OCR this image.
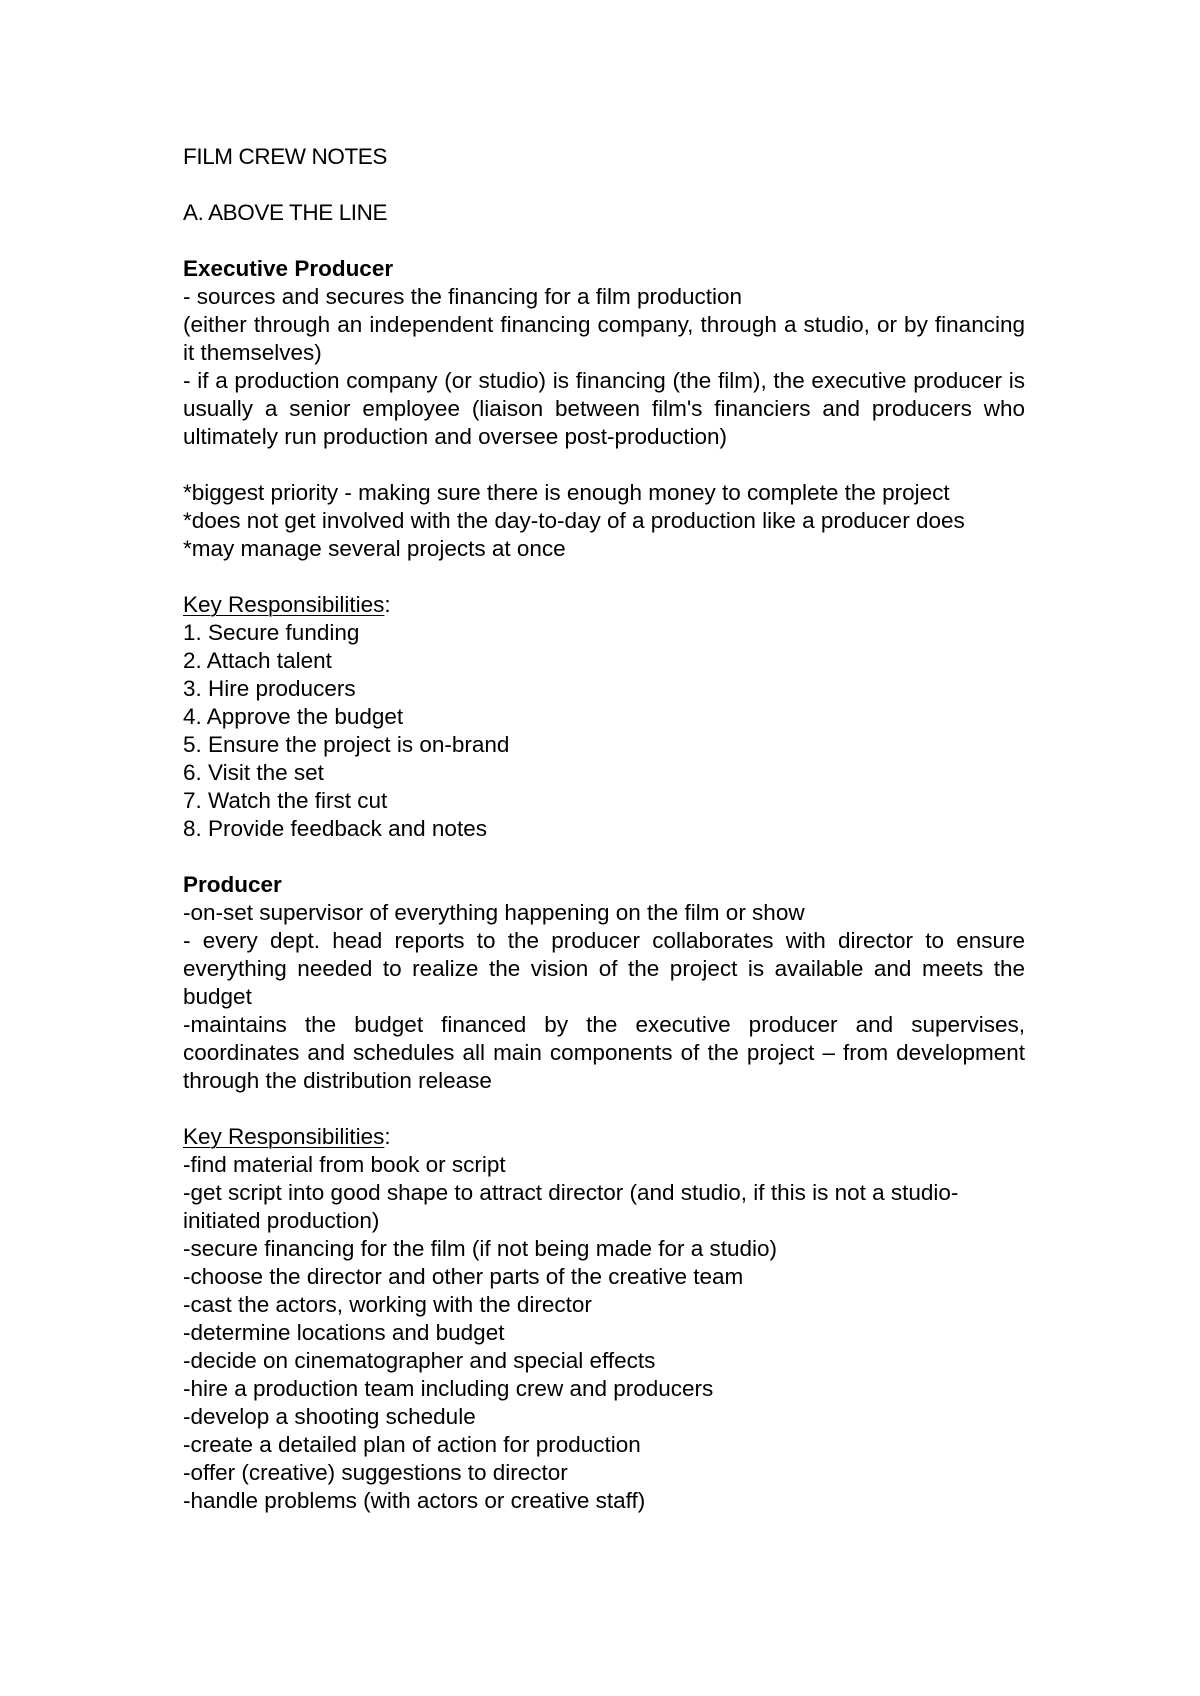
FILM CREW NOTES

A. ABOVE THE LINE

Executive Producer

- sources and secures the financing for a film production

(either through an independent financing company, through a studio, or by financing it themselves)

- if a production company (or studio) is financing (the film), the executive producer is usually a senior employee (liaison between film's financiers and producers who ultimately run production and oversee post-production)

*biggest priority - making sure there is enough money to complete the project

*does not get involved with the day-to-day of a production like a producer does

*may manage several projects at once

Key Responsibilities:

1. Secure funding
2. Attach talent
3. Hire producers
4. Approve the budget
5. Ensure the project is on-brand
6. Visit the set
7. Watch the first cut
8. Provide feedback and notes

Producer

-on-set supervisor of everything happening on the film or show

- every dept. head reports to the producer collaborates with director to ensure everything needed to realize the vision of the project is available and meets the budget

-maintains the budget financed by the executive producer and supervises, coordinates and schedules all main components of the project – from development through the distribution release

Key Responsibilities:

-find material from book or script
-get script into good shape to attract director (and studio, if this is not a studio-initiated production)
-secure financing for the film (if not being made for a studio)
-choose the director and other parts of the creative team
-cast the actors, working with the director
-determine locations and budget
-decide on cinematographer and special effects
-hire a production team including crew and producers
-develop a shooting schedule
-create a detailed plan of action for production
-offer (creative) suggestions to director
-handle problems (with actors or creative staff)
